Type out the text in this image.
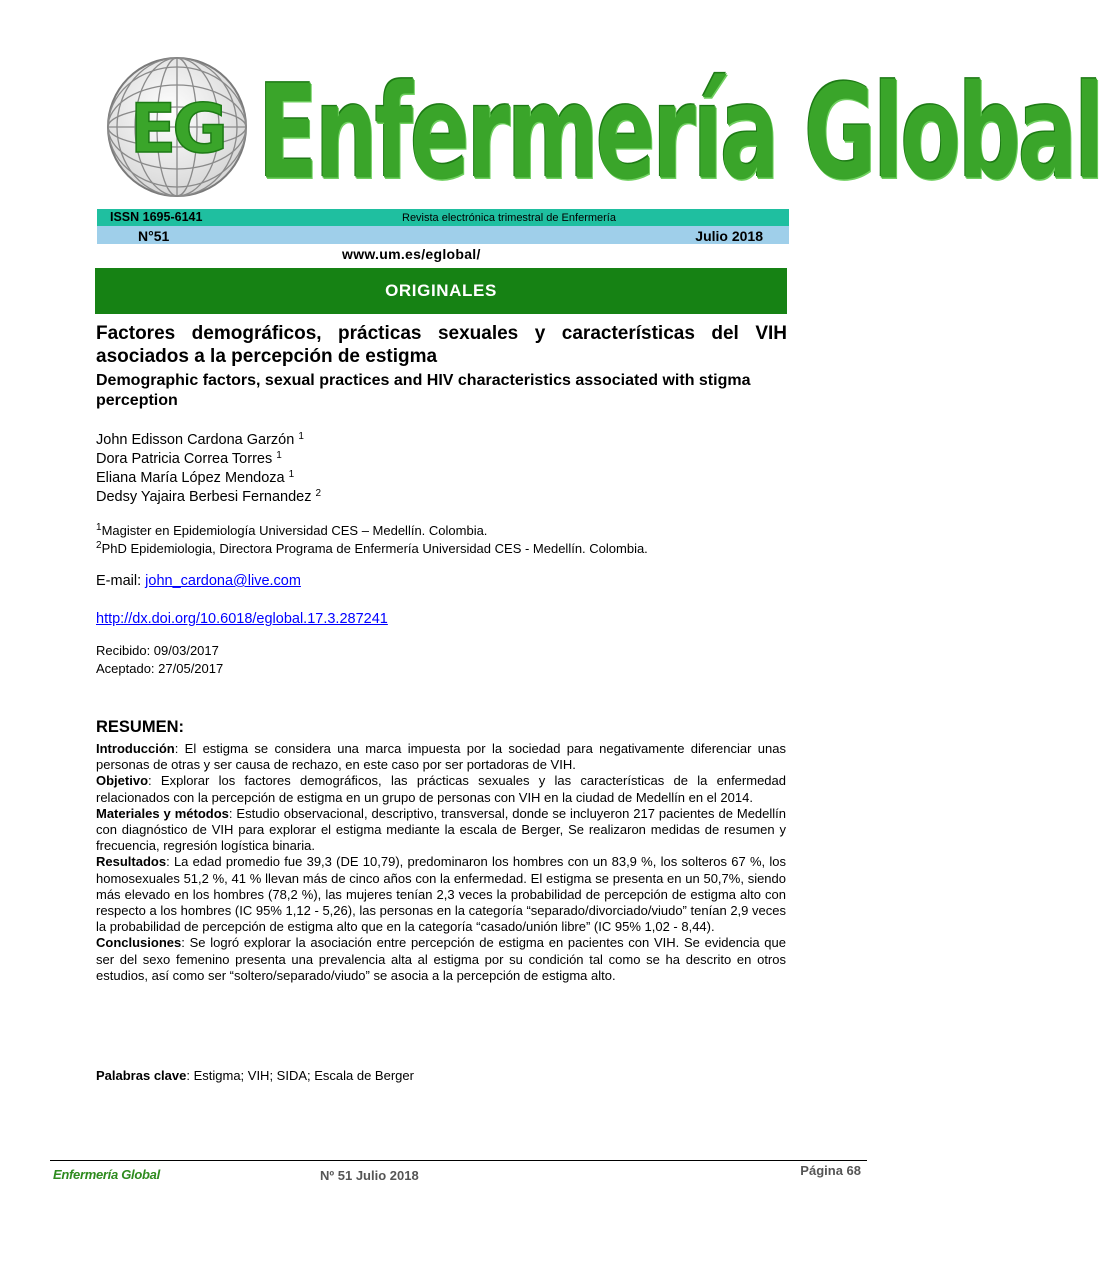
EG Enfermería Global
ISSN 1695-6141	Revista electrónica trimestral de Enfermería
N°51	Julio 2018
www.um.es/eglobal/
ORIGINALES
Factores demográficos, prácticas sexuales y características del VIH asociados a la percepción de estigma
Demographic factors, sexual practices and HIV characteristics associated with stigma perception
John Edisson Cardona Garzón $^1$
Dora Patricia Correa Torres $^1$
Eliana María López Mendoza $^1$
Dedsy Yajaira Berbesi Fernandez $^2$
$^1$Magister en Epidemiología Universidad CES – Medellín. Colombia.
$^2$PhD Epidemiologia, Directora Programa de Enfermería Universidad CES - Medellín. Colombia.
E-mail: john_cardona@live.com
http://dx.doi.org/10.6018/eglobal.17.3.287241
Recibido: 09/03/2017
Aceptado: 27/05/2017
RESUMEN:

Introducción: El estigma se considera una marca impuesta por la sociedad para negativamente diferenciar unas personas de otras y ser causa de rechazo, en este caso por ser portadoras de VIH.

Objetivo: Explorar los factores demográficos, las prácticas sexuales y las características de la enfermedad relacionados con la percepción de estigma en un grupo de personas con VIH en la ciudad de Medellín en el 2014.

Materiales y métodos: Estudio observacional, descriptivo, transversal, donde se incluyeron 217 pacientes de Medellín con diagnóstico de VIH para explorar el estigma mediante la escala de Berger, Se realizaron medidas de resumen y frecuencia, regresión logística binaria.

Resultados: La edad promedio fue 39,3 (DE 10,79), predominaron los hombres con un 83,9 %, los solteros 67 %, los homosexuales 51,2 %, 41 % llevan más de cinco años con la enfermedad. El estigma se presenta en un 50,7%, siendo más elevado en los hombres (78,2 %), las mujeres tenían 2,3 veces la probabilidad de percepción de estigma alto con respecto a los hombres (IC 95% 1,12 - 5,26), las personas en la categoría “separado/divorciado/viudo” tenían 2,9 veces la probabilidad de percepción de estigma alto que en la categoría “casado/unión libre” (IC 95% 1,02 - 8,44).

Conclusiones: Se logró explorar la asociación entre percepción de estigma en pacientes con VIH. Se evidencia que ser del sexo femenino presenta una prevalencia alta al estigma por su condición tal como se ha descrito en otros estudios, así como ser “soltero/separado/viudo” se asocia a la percepción de estigma alto.

Palabras clave: Estigma; VIH; SIDA; Escala de Berger
Enfermería Global	Nº 51 Julio 2018	Página 68
